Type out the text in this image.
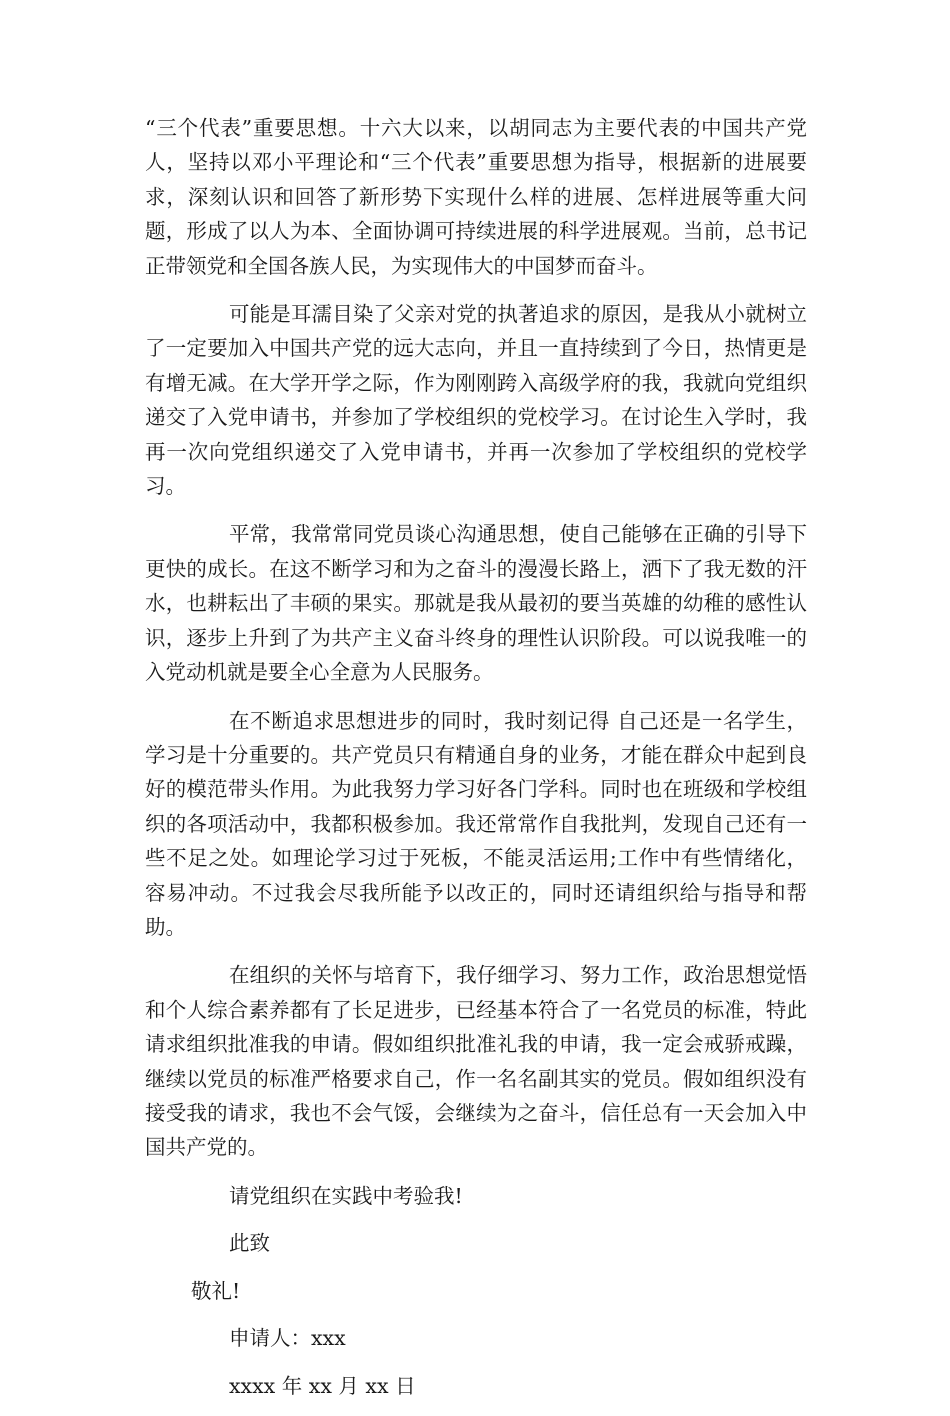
“三个代表”重要思想。十六大以来，以胡同志为主要代表的中国共产党人，坚持以邓小平理论和“三个代表”重要思想为指导，根据新的进展要求，深刻认识和回答了新形势下实现什么样的进展、怎样进展等重大问题，形成了以人为本、全面协调可持续进展的科学进展观。当前，总书记正带领党和全国各族人民，为实现伟大的中国梦而奋斗。

可能是耳濡目染了父亲对党的执著追求的原因，是我从小就树立了一定要加入中国共产党的远大志向，并且一直持续到了今日，热情更是有增无减。在大学开学之际，作为刚刚跨入高级学府的我，我就向党组织递交了入党申请书，并参加了学校组织的党校学习。在讨论生入学时，我再一次向党组织递交了入党申请书，并再一次参加了学校组织的党校学习。

平常，我常常同党员谈心沟通思想，使自己能够在正确的引导下更快的成长。在这不断学习和为之奋斗的漫漫长路上，洒下了我无数的汗水，也耕耘出了丰硕的果实。那就是我从最初的要当英雄的幼稚的感性认识，逐步上升到了为共产主义奋斗终身的理性认识阶段。可以说我唯一的入党动机就是要全心全意为人民服务。

在不断追求思想进步的同时，我时刻记得 自己还是一名学生，学习是十分重要的。共产党员只有精通自身的业务，才能在群众中起到良好的模范带头作用。为此我努力学习好各门学科。同时也在班级和学校组织的各项活动中，我都积极参加。我还常常作自我批判，发现自己还有一些不足之处。如理论学习过于死板，不能灵活运用;工作中有些情绪化，容易冲动。不过我会尽我所能予以改正的，同时还请组织给与指导和帮助。

在组织的关怀与培育下，我仔细学习、努力工作，政治思想觉悟和个人综合素养都有了长足进步，已经基本符合了一名党员的标准，特此请求组织批准我的申请。假如组织批准礼我的申请，我一定会戒骄戒躁，继续以党员的标准严格要求自己，作一名名副其实的党员。假如组织没有接受我的请求，我也不会气馁，会继续为之奋斗，信任总有一天会加入中国共产党的。

请党组织在实践中考验我!

此致

敬礼!

申请人：xxx

xxxx 年 xx 月 xx 日
